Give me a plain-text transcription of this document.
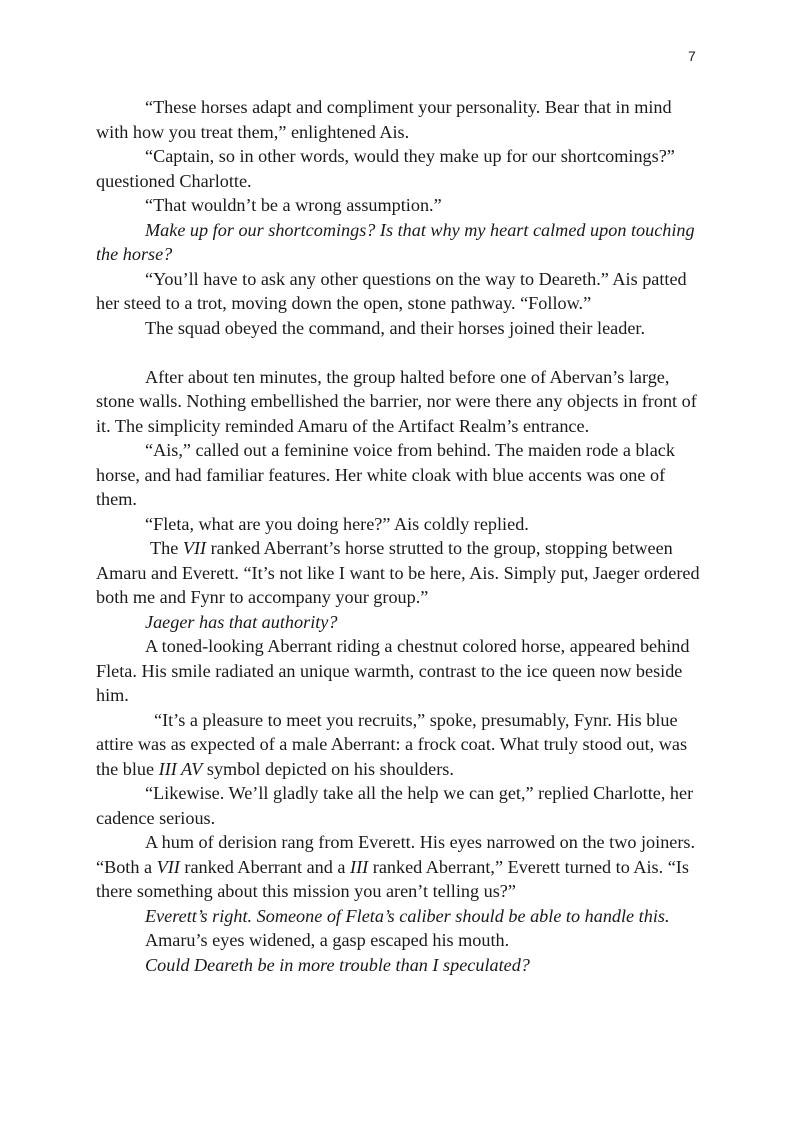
7

“These horses adapt and compliment your personality. Bear that in mind with how you treat them,” enlightened Ais.

“Captain, so in other words, would they make up for our shortcomings?” questioned Charlotte.

“That wouldn’t be a wrong assumption.”

Make up for our shortcomings? Is that why my heart calmed upon touching the horse?

“You’ll have to ask any other questions on the way to Deareth.” Ais patted her steed to a trot, moving down the open, stone pathway. “Follow.”

The squad obeyed the command, and their horses joined their leader.

After about ten minutes, the group halted before one of Abervan’s large, stone walls. Nothing embellished the barrier, nor were there any objects in front of it. The simplicity reminded Amaru of the Artifact Realm’s entrance.

“Ais,” called out a feminine voice from behind. The maiden rode a black horse, and had familiar features. Her white cloak with blue accents was one of them.

“Fleta, what are you doing here?” Ais coldly replied.

The VII ranked Aberrant’s horse strutted to the group, stopping between Amaru and Everett. “It’s not like I want to be here, Ais. Simply put, Jaeger ordered both me and Fynr to accompany your group.”

Jaeger has that authority?

A toned-looking Aberrant riding a chestnut colored horse, appeared behind Fleta. His smile radiated an unique warmth, contrast to the ice queen now beside him.

“It’s a pleasure to meet you recruits,” spoke, presumably, Fynr. His blue attire was as expected of a male Aberrant: a frock coat. What truly stood out, was the blue III AV symbol depicted on his shoulders.

“Likewise. We’ll gladly take all the help we can get,” replied Charlotte, her cadence serious.

A hum of derision rang from Everett. His eyes narrowed on the two joiners. “Both a VII ranked Aberrant and a III ranked Aberrant,” Everett turned to Ais. “Is there something about this mission you aren’t telling us?”

Everett’s right. Someone of Fleta’s caliber should be able to handle this.

Amaru’s eyes widened, a gasp escaped his mouth.

Could Deareth be in more trouble than I speculated?
